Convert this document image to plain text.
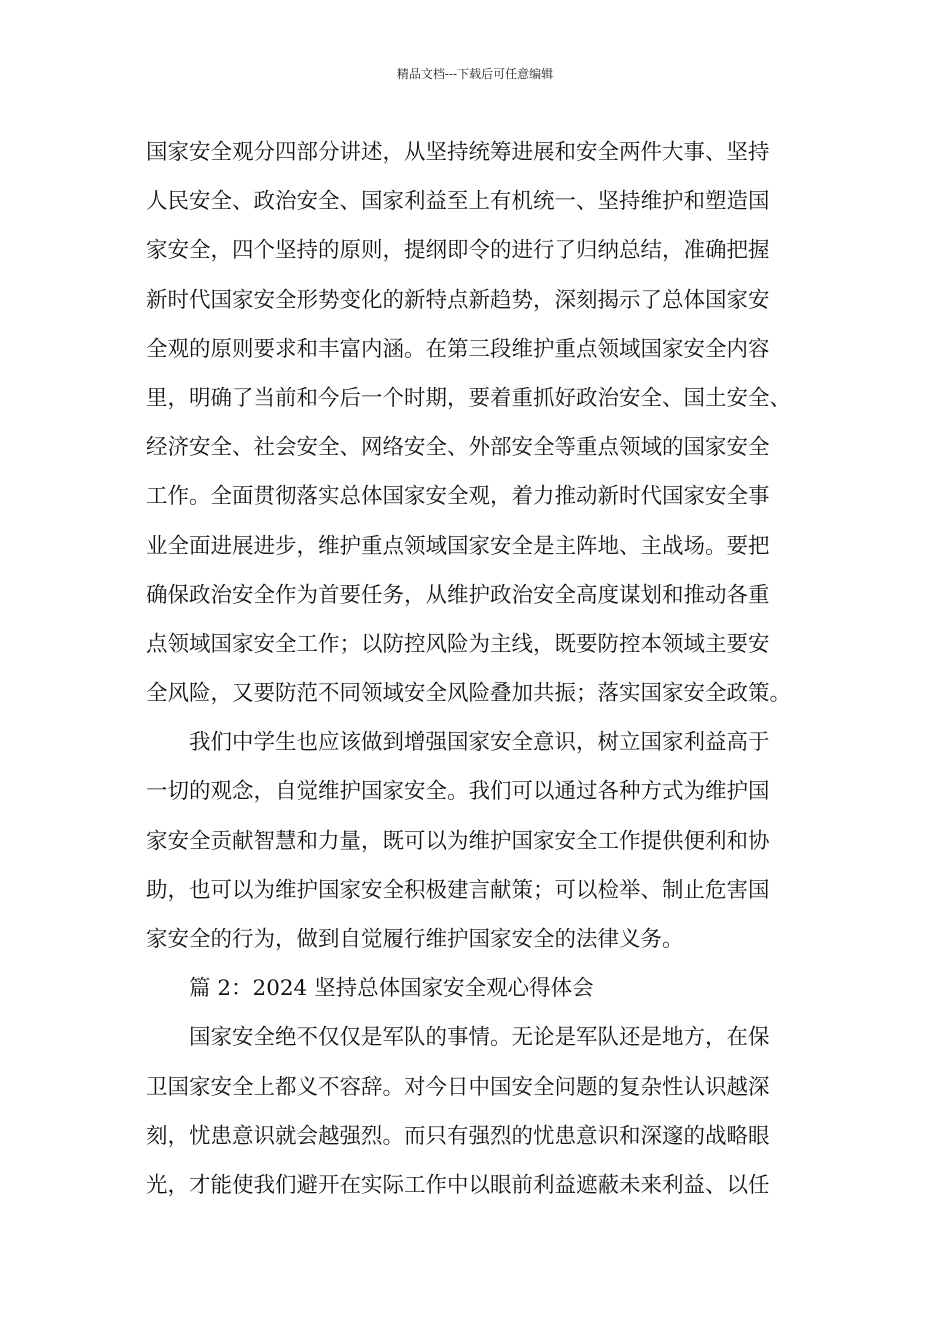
精品文档---下载后可任意编辑
国家安全观分四部分讲述，从坚持统筹进展和安全两件大事、坚持
人民安全、政治安全、国家利益至上有机统一、坚持维护和塑造国
家安全，四个坚持的原则，提纲即令的进行了归纳总结，准确把握
新时代国家安全形势变化的新特点新趋势，深刻揭示了总体国家安
全观的原则要求和丰富内涵。在第三段维护重点领域国家安全内容
里，明确了当前和今后一个时期，要着重抓好政治安全、国土安全、
经济安全、社会安全、网络安全、外部安全等重点领域的国家安全
工作。全面贯彻落实总体国家安全观，着力推动新时代国家安全事
业全面进展进步，维护重点领域国家安全是主阵地、主战场。要把
确保政治安全作为首要任务，从维护政治安全高度谋划和推动各重
点领域国家安全工作；以防控风险为主线，既要防控本领域主要安
全风险，又要防范不同领域安全风险叠加共振；落实国家安全政策。
我们中学生也应该做到增强国家安全意识，树立国家利益高于
一切的观念，自觉维护国家安全。我们可以通过各种方式为维护国
家安全贡献智慧和力量，既可以为维护国家安全工作提供便利和协
助，也可以为维护国家安全积极建言献策；可以检举、制止危害国
家安全的行为，做到自觉履行维护国家安全的法律义务。
篇 2：2024 坚持总体国家安全观心得体会
国家安全绝不仅仅是军队的事情。无论是军队还是地方，在保
卫国家安全上都义不容辞。对今日中国安全问题的复杂性认识越深
刻，忧患意识就会越强烈。而只有强烈的忧患意识和深邃的战略眼
光，才能使我们避开在实际工作中以眼前利益遮蔽未来利益、以任
